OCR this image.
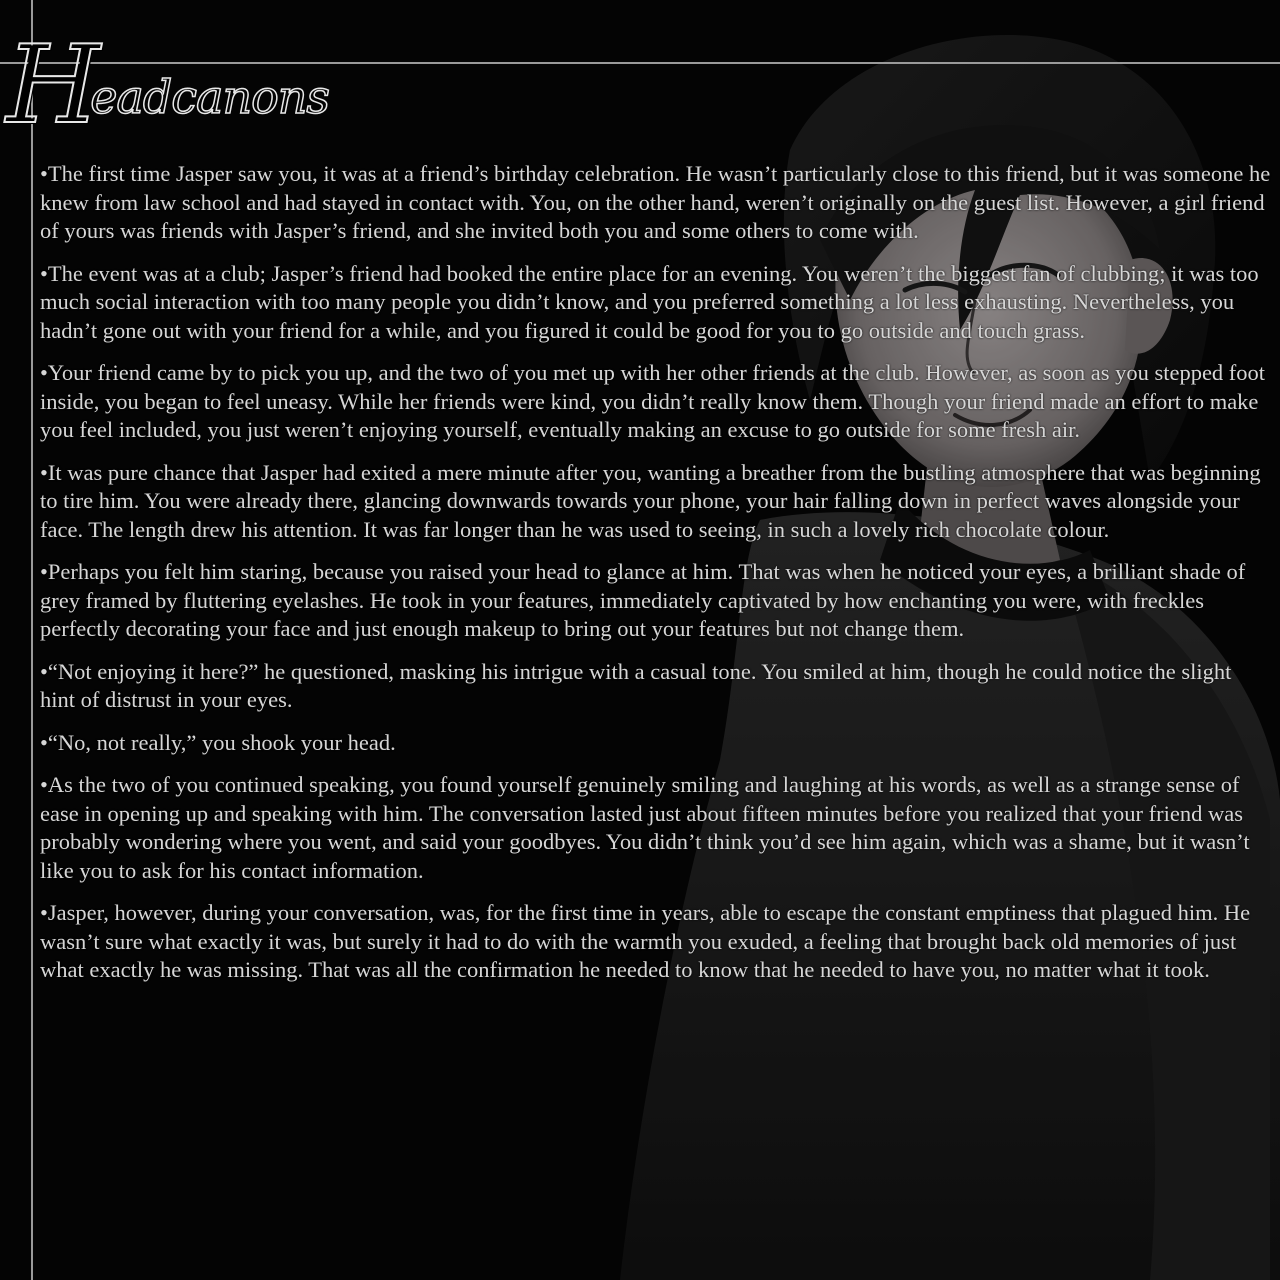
H
eadcanons

•The first time Jasper saw you, it was at a friend’s birthday celebration. He wasn’t particularly close to this friend, but it was someone he knew from law school and had stayed in contact with. You, on the other hand, weren’t originally on the guest list. However, a girl friend of yours was friends with Jasper’s friend, and she invited both you and some others to come with.

•The event was at a club; Jasper’s friend had booked the entire place for an evening. You weren’t the biggest fan of clubbing; it was too much social interaction with too many people you didn’t know, and you preferred something a lot less exhausting. Nevertheless, you hadn’t gone out with your friend for a while, and you figured it could be good for you to go outside and touch grass.

•Your friend came by to pick you up, and the two of you met up with her other friends at the club. However, as soon as you stepped foot inside, you began to feel uneasy. While her friends were kind, you didn’t really know them. Though your friend made an effort to make you feel included, you just weren’t enjoying yourself, eventually making an excuse to go outside for some fresh air.

•It was pure chance that Jasper had exited a mere minute after you, wanting a breather from the bustling atmosphere that was beginning to tire him. You were already there, glancing downwards towards your phone, your hair falling down in perfect waves alongside your face. The length drew his attention. It was far longer than he was used to seeing, in such a lovely rich chocolate colour.

•Perhaps you felt him staring, because you raised your head to glance at him. That was when he noticed your eyes, a brilliant shade of grey framed by fluttering eyelashes. He took in your features, immediately captivated by how enchanting you were, with freckles perfectly decorating your face and just enough makeup to bring out your features but not change them.

•“Not enjoying it here?” he questioned, masking his intrigue with a casual tone. You smiled at him, though he could notice the slight hint of distrust in your eyes.

•“No, not really,” you shook your head.

•As the two of you continued speaking, you found yourself genuinely smiling and laughing at his words, as well as a strange sense of ease in opening up and speaking with him. The conversation lasted just about fifteen minutes before you realized that your friend was probably wondering where you went, and said your goodbyes. You didn’t think you’d see him again, which was a shame, but it wasn’t like you to ask for his contact information.

•Jasper, however, during your conversation, was, for the first time in years, able to escape the constant emptiness that plagued him. He wasn’t sure what exactly it was, but surely it had to do with the warmth you exuded, a feeling that brought back old memories of just what exactly he was missing. That was all the confirmation he needed to know that he needed to have you, no matter what it took.
